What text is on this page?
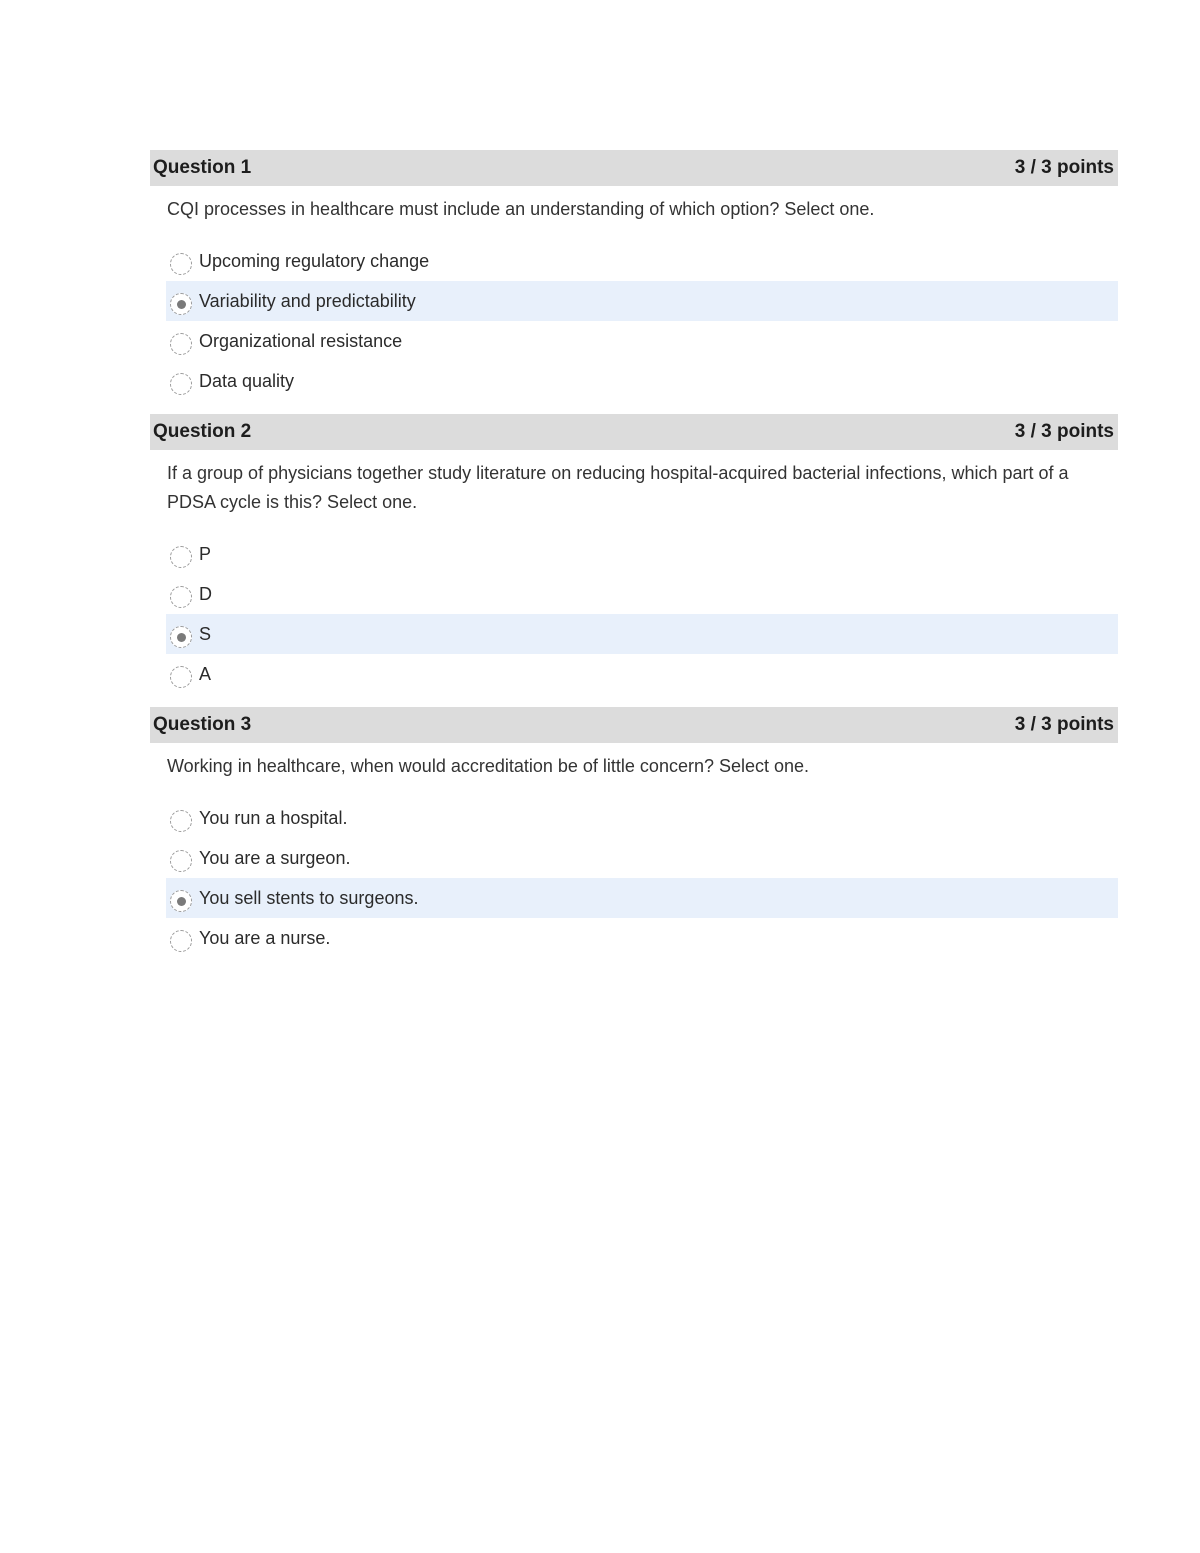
Question 1	3 / 3 points

CQI processes in healthcare must include an understanding of which option? Select one.

Upcoming regulatory change
Variability and predictability
Organizational resistance
Data quality
Question 2	3 / 3 points

If a group of physicians together study literature on reducing hospital-acquired bacterial infections, which part of a PDSA cycle is this? Select one.

P
D
S
A
Question 3	3 / 3 points

Working in healthcare, when would accreditation be of little concern? Select one.

You run a hospital.
You are a surgeon.
You sell stents to surgeons.
You are a nurse.
